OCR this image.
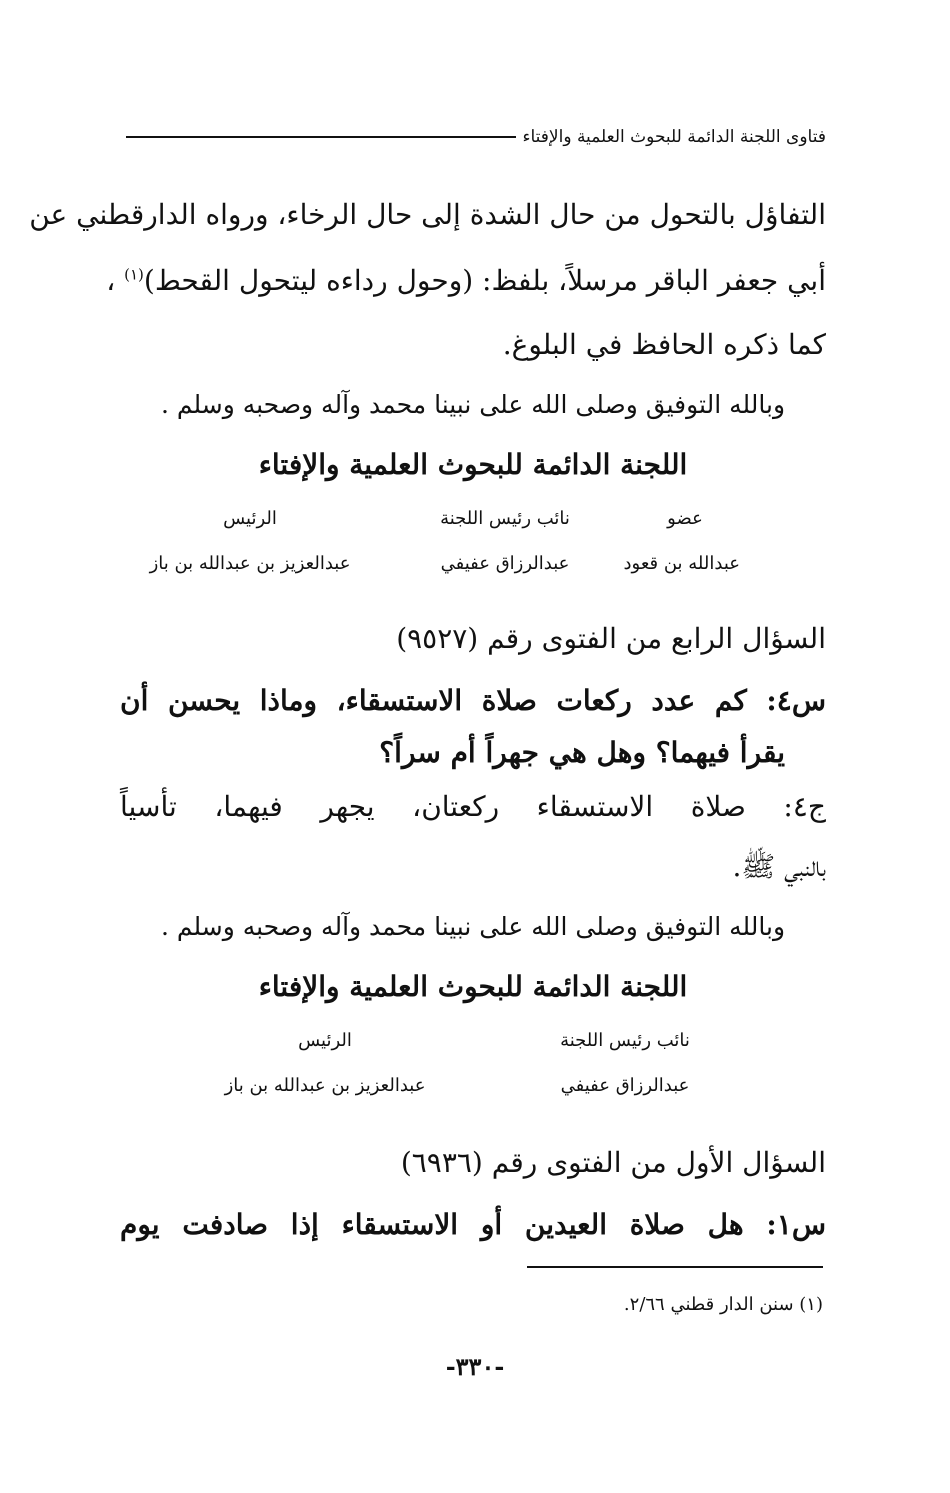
فتاوى اللجنة الدائمة للبحوث العلمية والإفتاء
التفاؤل بالتحول من حال الشدة إلى حال الرخاء، ورواه الدارقطني عن
أبي جعفر الباقر مرسلاً، بلفظ: (وحول رداءه ليتحول القحط)$^{(١)}$ ،
كما ذكره الحافظ في البلوغ.
وبالله التوفيق وصلى الله على نبينا محمد وآله وصحبه وسلم .
اللجنة الدائمة للبحوث العلمية والإفتاء
عضو
عبدالله بن قعود
نائب رئيس اللجنة
عبدالرزاق عفيفي
الرئيس
عبدالعزيز بن عبدالله بن باز
السؤال الرابع من الفتوى رقم (٩٥٢٧)
س٤: كم عدد ركعات صلاة الاستسقاء، وماذا يحسن أن
يقرأ فيهما؟ وهل هي جهراً أم سراً؟
ج٤: صلاة الاستسقاء ركعتان، يجهر فيهما، تأسياً
بالنبي ﷺ.
وبالله التوفيق وصلى الله على نبينا محمد وآله وصحبه وسلم .
اللجنة الدائمة للبحوث العلمية والإفتاء
نائب رئيس اللجنة
عبدالرزاق عفيفي
الرئيس
عبدالعزيز بن عبدالله بن باز
السؤال الأول من الفتوى رقم (٦٩٣٦)
س١: هل صلاة العيدين أو الاستسقاء إذا صادفت يوم
(١) سنن الدار قطني ٢/٦٦.
-٣٣٠-
